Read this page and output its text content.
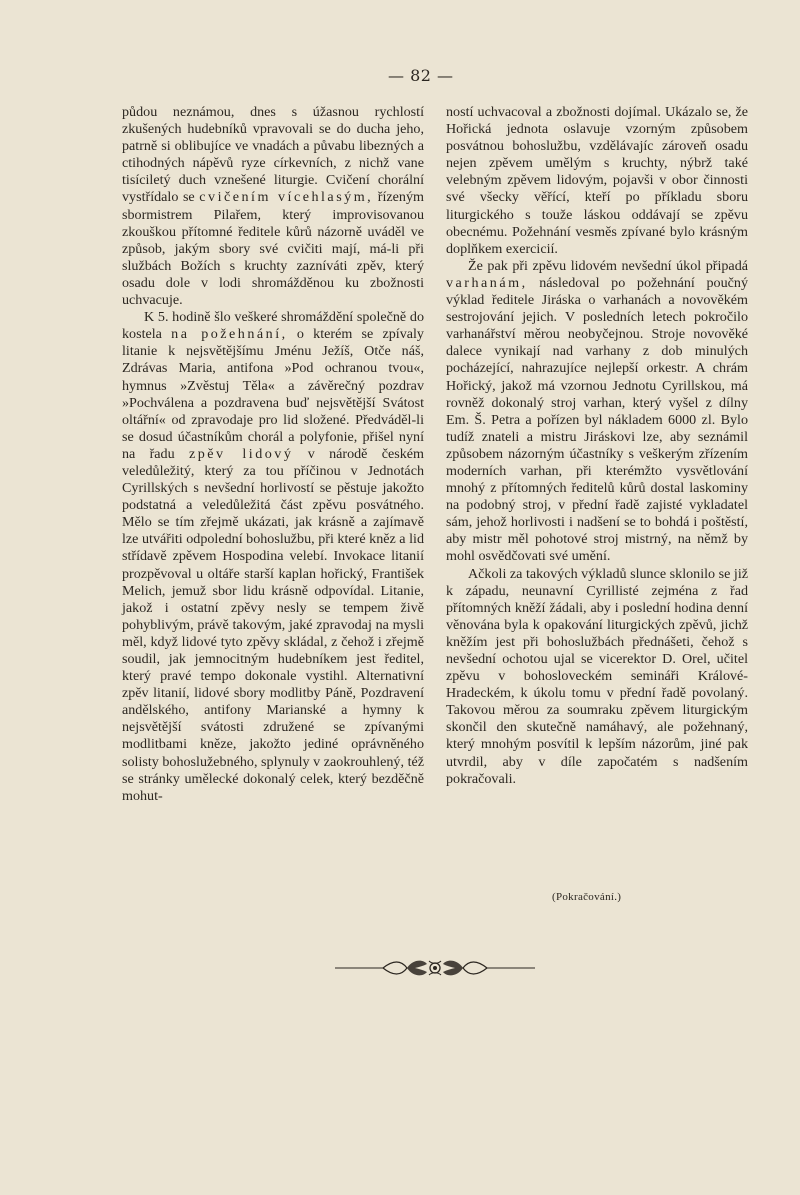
— 82 —

půdou neznámou, dnes s úžasnou rychlostí zkušených hudebníků vpravovali se do ducha jeho, patrně si oblibujíce ve vnadách a půvabu libezných a ctihodných nápěvů ryze církevních, z nichž vane tisíciletý duch vznešené liturgie. Cvičení chorální vystřídalo se cvičením vícehlasým, řízeným sbormistrem Pilařem, který improvisovanou zkouškou přítomné ředitele kůrů názorně uváděl ve způsob, jakým sbory své cvičiti mají, má-li při službách Božích s kruchty zazníváti zpěv, který osadu dole v lodi shromážděnou ku zbožnosti uchvacuje.

K 5. hodině šlo veškeré shromáždění společně do kostela na požehnání, o kterém se zpívaly litanie k nejsvětějšímu Jménu Ježíš, Otče náš, Zdrávas Maria, antifona »Pod ochranou tvou«, hymnus »Zvěstuj Těla« a závěrečný pozdrav »Pochválena a pozdravena buď nejsvětější Svátost oltářní« od zpravodaje pro lid složené. Předváděl-li se dosud účastníkům chorál a polyfonie, přišel nyní na řadu zpěv lidový v národě českém veledůležitý, který za tou příčinou v Jednotách Cyrillských s nevšední horlivostí se pěstuje jakožto podstatná a veledůležitá část zpěvu posvátného. Mělo se tím zřejmě ukázati, jak krásně a zajímavě lze utvářiti odpolední bohoslužbu, při které kněz a lid střídavě zpěvem Hospodina velebí. Invokace litanií prozpěvoval u oltáře starší kaplan hořický, František Melich, jemuž sbor lidu krásně odpovídal. Litanie, jakož i ostatní zpěvy nesly se tempem živě pohyblivým, právě takovým, jaké zpravodaj na mysli měl, když lidové tyto zpěvy skládal, z čehož i zřejmě soudil, jak jemnocitným hudebníkem jest ředitel, který pravé tempo dokonale vystihl. Alternativní zpěv litanií, lidové sbory modlitby Páně, Pozdravení andělského, antifony Marianské a hymny k nejsvětější svátosti združené se zpívanými modlitbami kněze, jakožto jediné oprávněného solisty bohoslužebného, splynuly v zaokrouhlený, též se stránky umělecké dokonalý celek, který bezděčně mohut-

ností uchvacoval a zbožnosti dojímal. Ukázalo se, že Hořická jednota oslavuje vzorným způsobem posvátnou bohoslužbu, vzdělávajíc zároveň osadu nejen zpěvem umělým s kruchty, nýbrž také velebným zpěvem lidovým, pojavši v obor činnosti své všecky věřící, kteří po příkladu sboru liturgického s touže láskou oddávají se zpěvu obecnému. Požehnání vesměs zpívané bylo krásným doplňkem exercicií.

Že pak při zpěvu lidovém nevšední úkol připadá varhanám, následoval po požehnání poučný výklad ředitele Jiráska o varhanách a novověkém sestrojování jejich. V posledních letech pokročilo varhanářství měrou neobyčejnou. Stroje novověké dalece vynikají nad varhany z dob minulých pocházející, nahrazujíce nejlepší orkestr. A chrám Hořický, jakož má vzornou Jednotu Cyrillskou, má rovněž dokonalý stroj varhan, který vyšel z dílny Em. Š. Petra a pořízen byl nákladem 6000 zl. Bylo tudíž znateli a mistru Jiráskovi lze, aby seznámil způsobem názorným účastníky s veškerým zřízením moderních varhan, při kterémžto vysvětlování mnohý z přítomných ředitelů kůrů dostal laskominy na podobný stroj, v přední řadě zajisté vykladatel sám, jehož horlivosti i nadšení se to bohdá i poštěstí, aby mistr měl pohotové stroj mistrný, na němž by mohl osvědčovati své umění.

Ačkoli za takových výkladů slunce sklonilo se již k západu, neunavní Cyrillisté zejména z řad přítomných kněží žádali, aby i poslední hodina denní věnována byla k opakování liturgických zpěvů, jichž kněžím jest při bohoslužbách přednášeti, čehož s nevšední ochotou ujal se vicerektor D. Orel, učitel zpěvu v bohosloveckém semináři Králové-Hradeckém, k úkolu tomu v přední řadě povolaný. Takovou měrou za soumraku zpěvem liturgickým skončil den skutečně namáhavý, ale požehnaný, který mnohým posvítil k lepším názorům, jiné pak utvrdil, aby v díle započatém s nadšením pokračovali.

(Pokračování.)
